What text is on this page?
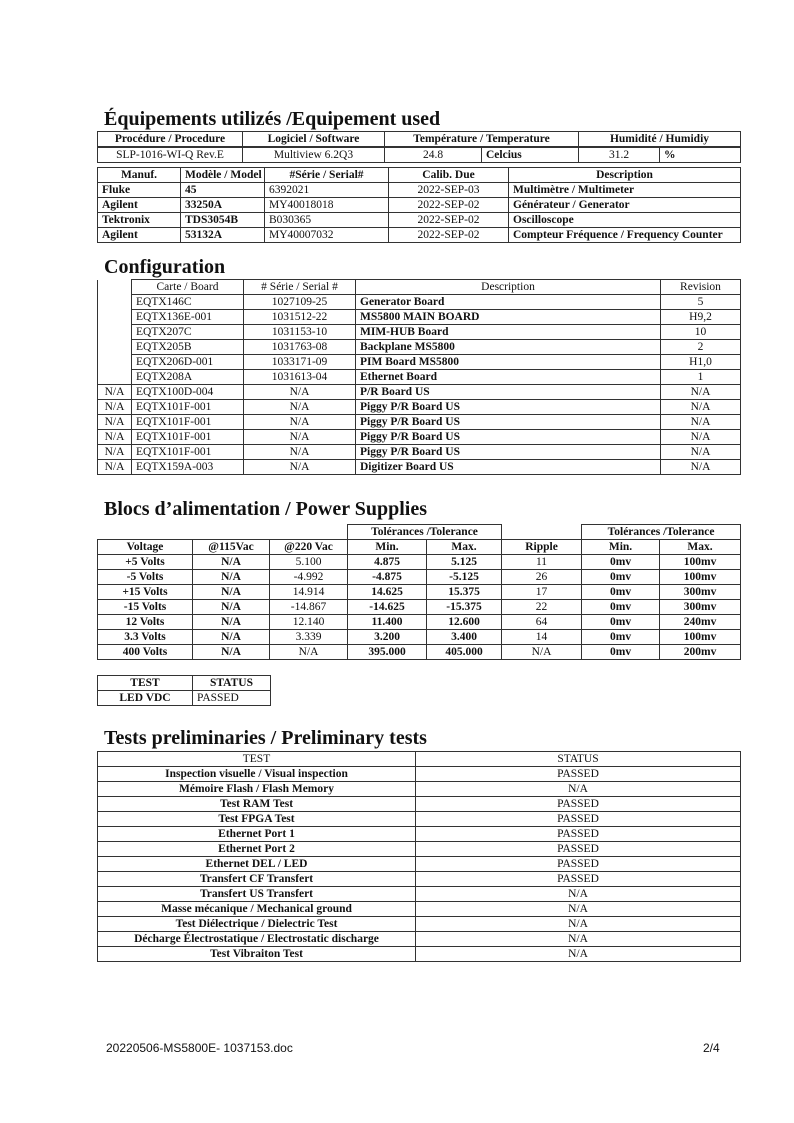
Équipements utilizés /Equipement used
Procédure / Procedure	Logiciel / Software	Température / Temperature	Humidité / Humidiy
SLP-1016-WI-Q Rev.E	Multiview 6.2Q3	24.8	Celcius	31.2	%
Manuf.	Modèle / Model	#Série / Serial#	Calib. Due	Description
Fluke	45	6392021	2022-SEP-03	Multimètre / Multimeter
Agilent	33250A	MY40018018	2022-SEP-02	Générateur / Generator
Tektronix	TDS3054B	B030365	2022-SEP-02	Oscilloscope
Agilent	53132A	MY40007032	2022-SEP-02	Compteur Fréquence / Frequency Counter
Configuration
	Carte / Board	# Série / Serial #	Description	Revision
	EQTX146C	1027109-25	Generator Board	5
	EQTX136E-001	1031512-22	MS5800 MAIN BOARD	H9,2
	EQTX207C	1031153-10	MIM-HUB Board	10
	EQTX205B	1031763-08	Backplane MS5800	2
	EQTX206D-001	1033171-09	PIM Board MS5800	H1,0
	EQTX208A	1031613-04	Ethernet Board	1
N/A	EQTX100D-004	N/A	P/R Board US	N/A
N/A	EQTX101F-001	N/A	Piggy P/R Board US	N/A
N/A	EQTX101F-001	N/A	Piggy P/R Board US	N/A
N/A	EQTX101F-001	N/A	Piggy P/R Board US	N/A
N/A	EQTX101F-001	N/A	Piggy P/R Board US	N/A
N/A	EQTX159A-003	N/A	Digitizer Board US	N/A
Blocs d’alimentation / Power Supplies
			Tolérances /Tolerance			Tolérances /Tolerance	
Voltage	@115Vac	@220 Vac	Min.	Max.	Ripple	Min.	Max.
+5 Volts	N/A	5.100	4.875	5.125	11	0mv	100mv
-5 Volts	N/A	-4.992	-4.875	-5.125	26	0mv	100mv
+15 Volts	N/A	14.914	14.625	15.375	17	0mv	300mv
-15 Volts	N/A	-14.867	-14.625	-15.375	22	0mv	300mv
12 Volts	N/A	12.140	11.400	12.600	64	0mv	240mv
3.3 Volts	N/A	3.339	3.200	3.400	14	0mv	100mv
400 Volts	N/A	N/A	395.000	405.000	N/A	0mv	200mv
TEST	STATUS
LED VDC	PASSED
Tests preliminaries / Preliminary tests
TEST	STATUS
Inspection visuelle / Visual inspection	PASSED
Mémoire Flash / Flash Memory	N/A
Test RAM Test	PASSED
Test FPGA Test	PASSED
Ethernet Port 1	PASSED
Ethernet Port 2	PASSED
Ethernet DEL / LED	PASSED
Transfert CF Transfert	PASSED
Transfert US Transfert	N/A
Masse mécanique / Mechanical ground	N/A
Test Diélectrique / Dielectric Test	N/A
Décharge Électrostatique / Electrostatic discharge	N/A
Test Vibraiton Test	N/A
20220506-MS5800E- 1037153.doc	2/4
